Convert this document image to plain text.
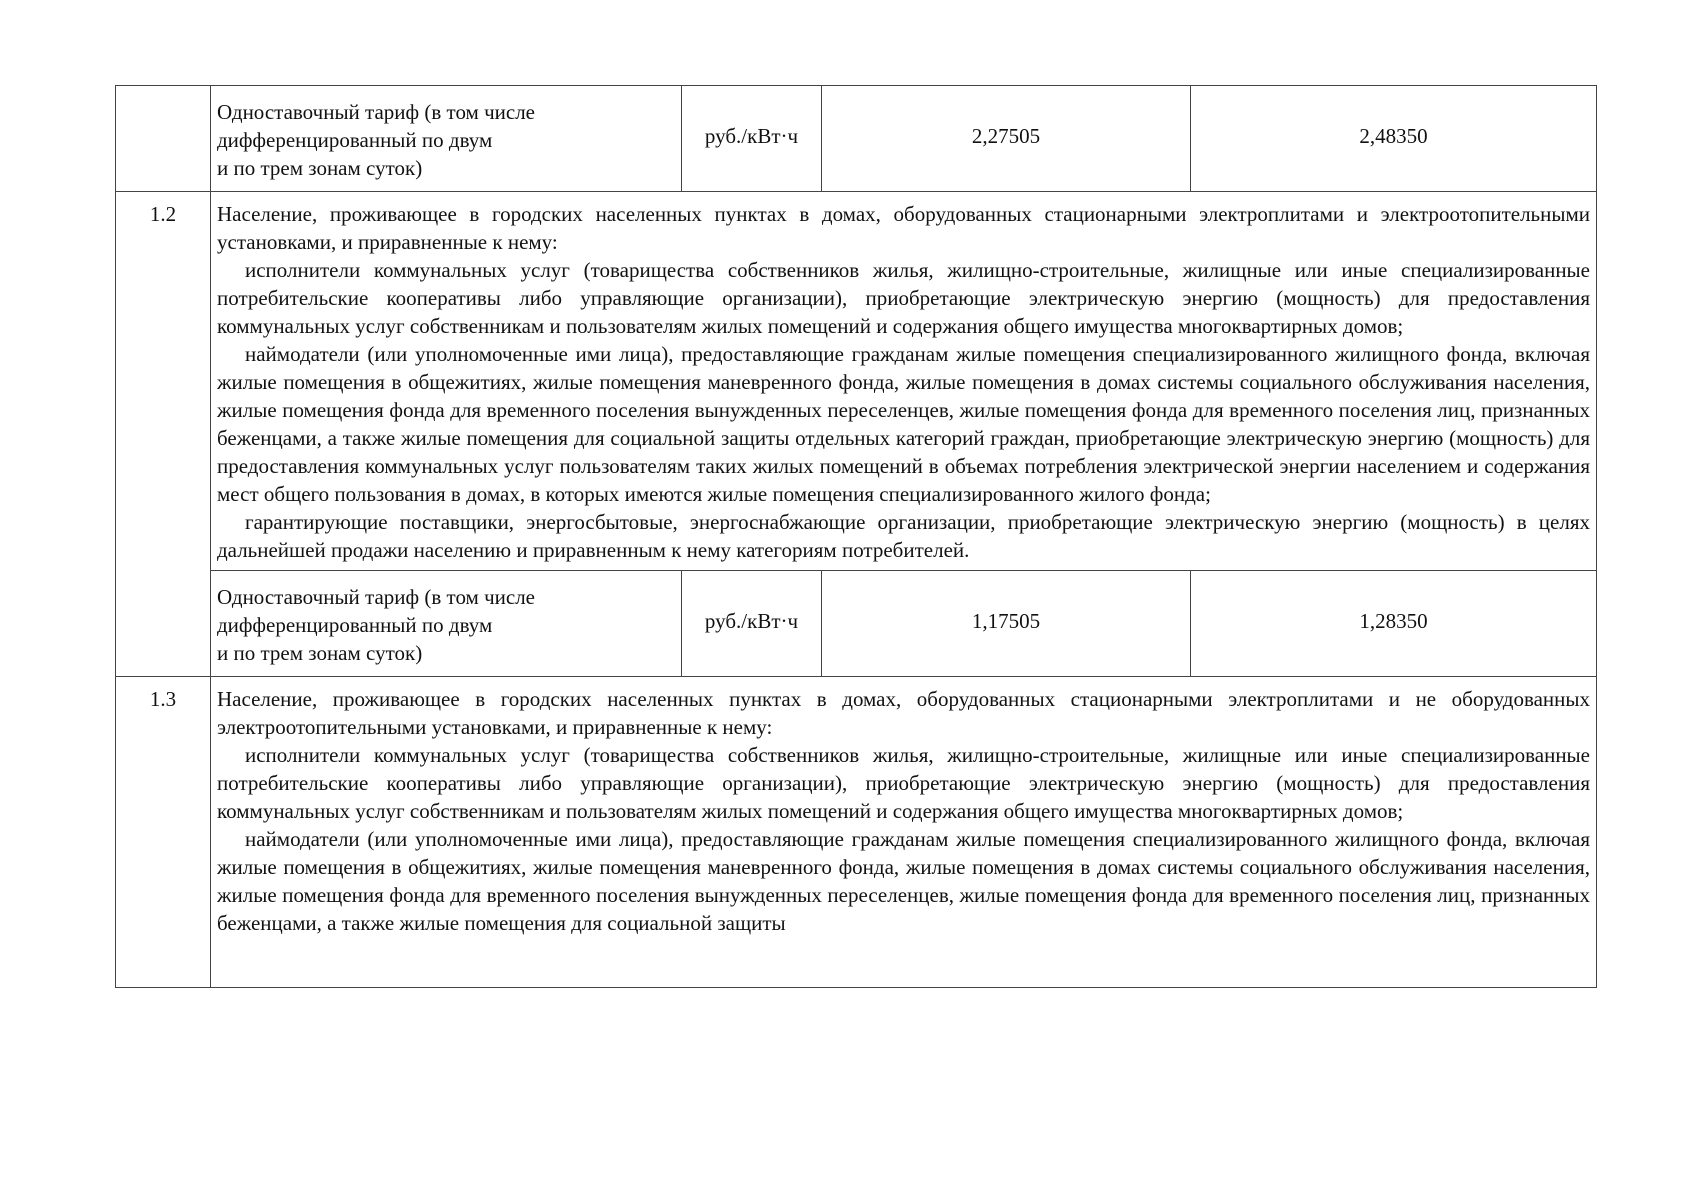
	Одноставочный тариф (в том числе
дифференцированный по двум
и по трем зонам суток)	руб./кВт·ч	2,27505	2,48350
1.2	Население, проживающее в городских населенных пунктах в домах, оборудованных стационарными электроплитами и электроотопительными установками, и приравненные к нему:

исполнители коммунальных услуг (товарищества собственников жилья, жилищно-строительные, жилищные или иные специализированные потребительские кооперативы либо управляющие организации), приобретающие электрическую энергию (мощность) для предоставления коммунальных услуг собственникам и пользователям жилых помещений и содержания общего имущества многоквартирных домов;

наймодатели (или уполномоченные ими лица), предоставляющие гражданам жилые помещения специализированного жилищного фонда, включая жилые помещения в общежитиях, жилые помещения маневренного фонда, жилые помещения в домах системы социального обслуживания населения, жилые помещения фонда для временного поселения вынужденных переселенцев, жилые помещения фонда для временного поселения лиц, признанных беженцами, а также жилые помещения для социальной защиты отдельных категорий граждан, приобретающие электрическую энергию (мощность) для предоставления коммунальных услуг пользователям таких жилых помещений в объемах потребления электрической энергии населением и содержания мест общего пользования в домах, в которых имеются жилые помещения специализированного жилого фонда;

гарантирующие поставщики, энергосбытовые, энергоснабжающие организации, приобретающие электрическую энергию (мощность) в целях дальнейшей продажи населению и приравненным к нему категориям потребителей.			

	Одноставочный тариф (в том числе
дифференцированный по двум
и по трем зонам суток)	руб./кВт·ч	1,17505	1,28350
1.3	Население, проживающее в городских населенных пунктах в домах, оборудованных стационарными электроплитами и не оборудованных электроотопительными установками, и приравненные к нему:

исполнители коммунальных услуг (товарищества собственников жилья, жилищно-строительные, жилищные или иные специализированные потребительские кооперативы либо управляющие организации), приобретающие электрическую энергию (мощность) для предоставления коммунальных услуг собственникам и пользователям жилых помещений и содержания общего имущества многоквартирных домов;

наймодатели (или уполномоченные ими лица), предоставляющие гражданам жилые помещения специализированного жилищного фонда, включая жилые помещения в общежитиях, жилые помещения маневренного фонда, жилые помещения в домах системы социального обслуживания населения, жилые помещения фонда для временного поселения вынужденных переселенцев, жилые помещения фонда для временного поселения лиц, признанных беженцами, а также жилые помещения для социальной защиты			
